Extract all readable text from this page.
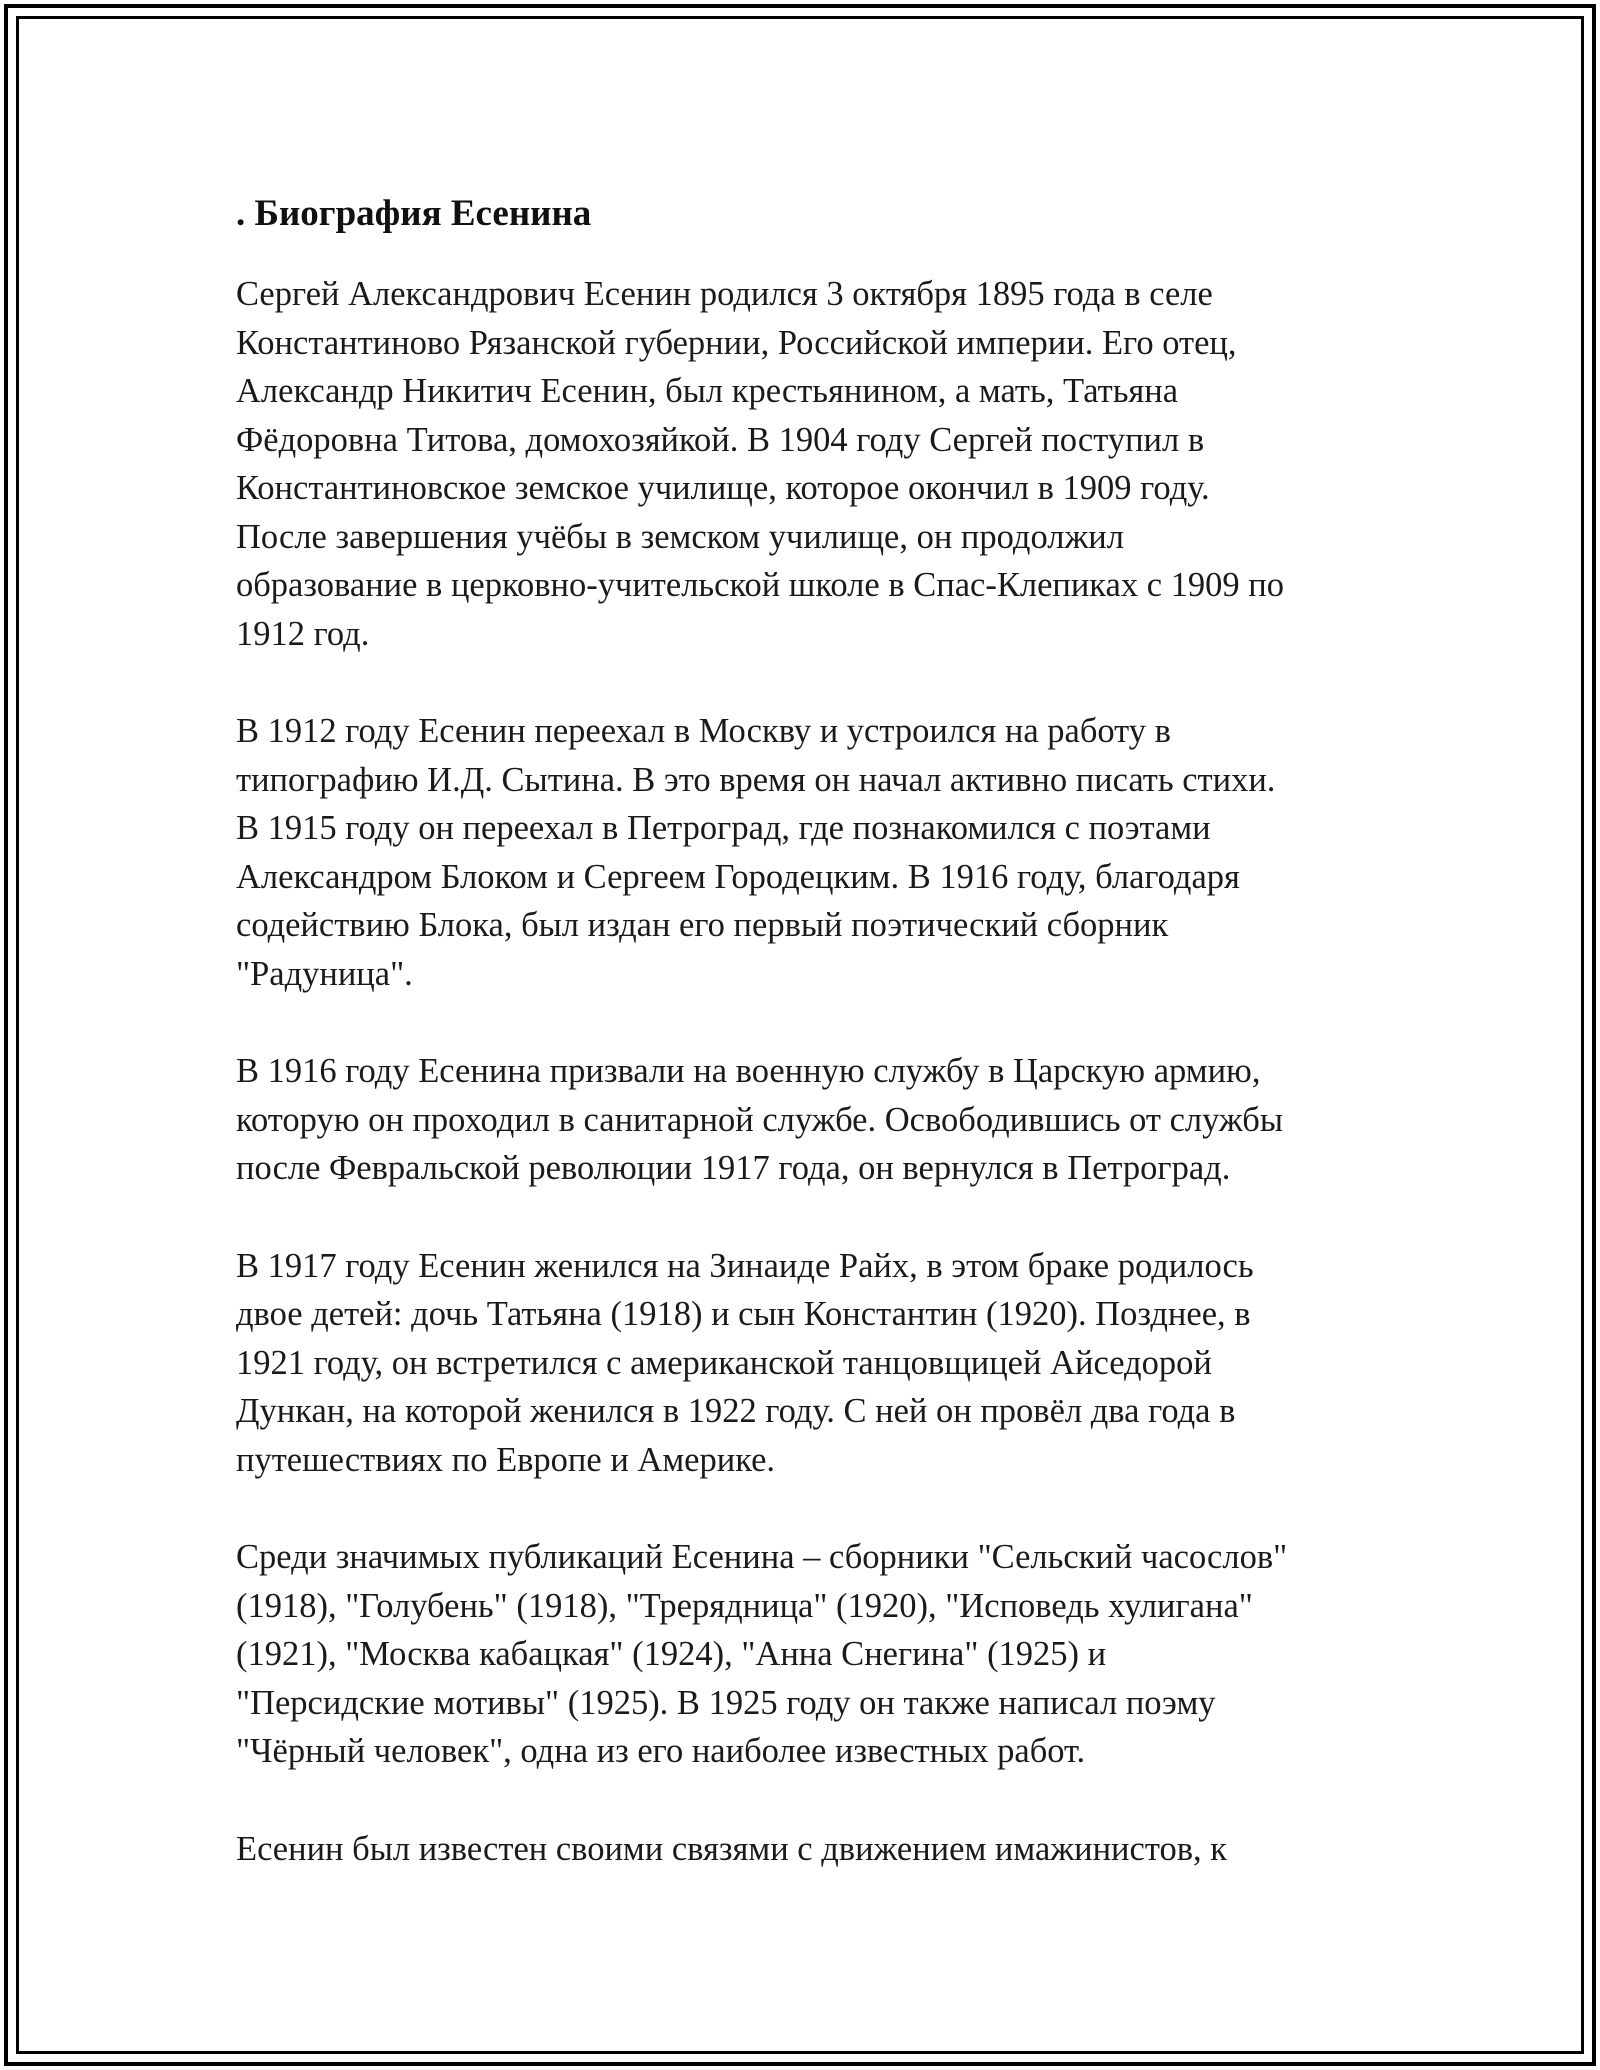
. Биография Есенина

Сергей Александрович Есенин родился 3 октября 1895 года в селе
Константиново Рязанской губернии, Российской империи. Его отец,
Александр Никитич Есенин, был крестьянином, а мать, Татьяна
Фёдоровна Титова, домохозяйкой. В 1904 году Сергей поступил в
Константиновское земское училище, которое окончил в 1909 году.
После завершения учёбы в земском училище, он продолжил
образование в церковно-учительской школе в Спас-Клепиках с 1909 по
1912 год.

В 1912 году Есенин переехал в Москву и устроился на работу в
типографию И.Д. Сытина. В это время он начал активно писать стихи.
В 1915 году он переехал в Петроград, где познакомился с поэтами
Александром Блоком и Сергеем Городецким. В 1916 году, благодаря
содействию Блока, был издан его первый поэтический сборник
"Радуница".

В 1916 году Есенина призвали на военную службу в Царскую армию,
которую он проходил в санитарной службе. Освободившись от службы
после Февральской революции 1917 года, он вернулся в Петроград.

В 1917 году Есенин женился на Зинаиде Райх, в этом браке родилось
двое детей: дочь Татьяна (1918) и сын Константин (1920). Позднее, в
1921 году, он встретился с американской танцовщицей Айседорой
Дункан, на которой женился в 1922 году. С ней он провёл два года в
путешествиях по Европе и Америке.

Среди значимых публикаций Есенина – сборники "Сельский часослов"
(1918), "Голубень" (1918), "Трерядница" (1920), "Исповедь хулигана"
(1921), "Москва кабацкая" (1924), "Анна Снегина" (1925) и
"Персидские мотивы" (1925). В 1925 году он также написал поэму
"Чёрный человек", одна из его наиболее известных работ.

Есенин был известен своими связями с движением имажинистов, к
